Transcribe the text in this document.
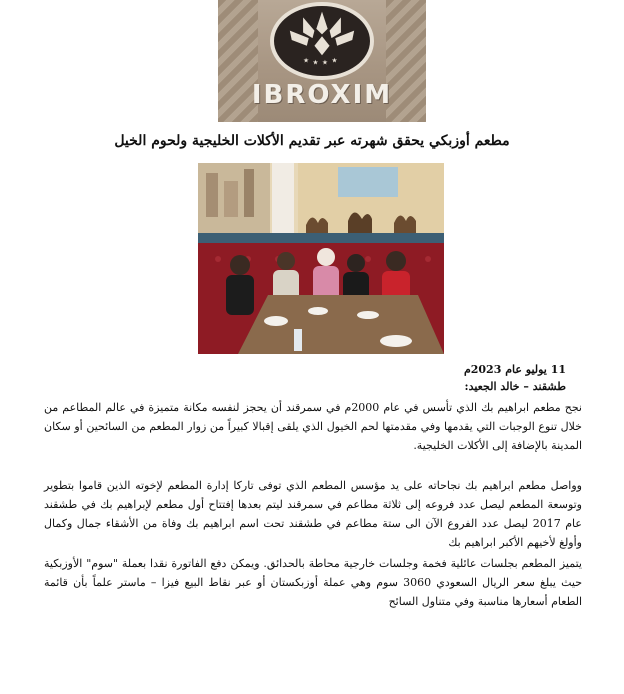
★ ★ ★ ★
IBROXIM
مطعم أوزبكي يحقق شهرته عبر تقديم الأكلات الخليجية ولحوم الخيل
11 يوليو عام 2023م
طشقند – خالد الجعيد:
نجح مطعم ابراهيم بك الذي تأسس في عام 2000م في سمرقند أن يحجز لنفسه مكانة متميزة في عالم المطاعم من خلال تنوع الوجبات التي يقدمها وفي مقدمتها لحم الخيول الذي يلقى إقبالا كبيراً من زوار المطعم من السائحين أو سكان المدينة بالإضافة إلى الأكلات الخليجية.
وواصل مطعم ابراهيم بك نجاحاته على يد مؤسس المطعم الذي توفى تاركا إدارة المطعم لإخوته الذين قاموا بتطوير وتوسعة المطعم ليصل عدد فروعه إلى ثلاثة مطاعم في سمرقند ليتم بعدها إفتتاح أول مطعم لإبراهيم بك في طشقند عام 2017 ليصل عدد الفروع الآن الى ستة مطاعم في طشقند تحت اسم ابراهيم بك وفاة من الأشقاء جمال وكمال وأولغ لأخيهم الأكبر ابراهيم بك
يتميز المطعم بجلسات عائلية فخمة وجلسات خارجية محاطة بالحدائق. ويمكن دفع الفاتورة نقدا بعملة "سوم" الأوزبكية حيث يبلغ سعر الريال السعودي 3060 سوم وهي عملة أوزبكستان أو عبر نقاط البيع فيزا – ماستر علماً بأن قائمة الطعام أسعارها مناسبة وفي متناول السائح
